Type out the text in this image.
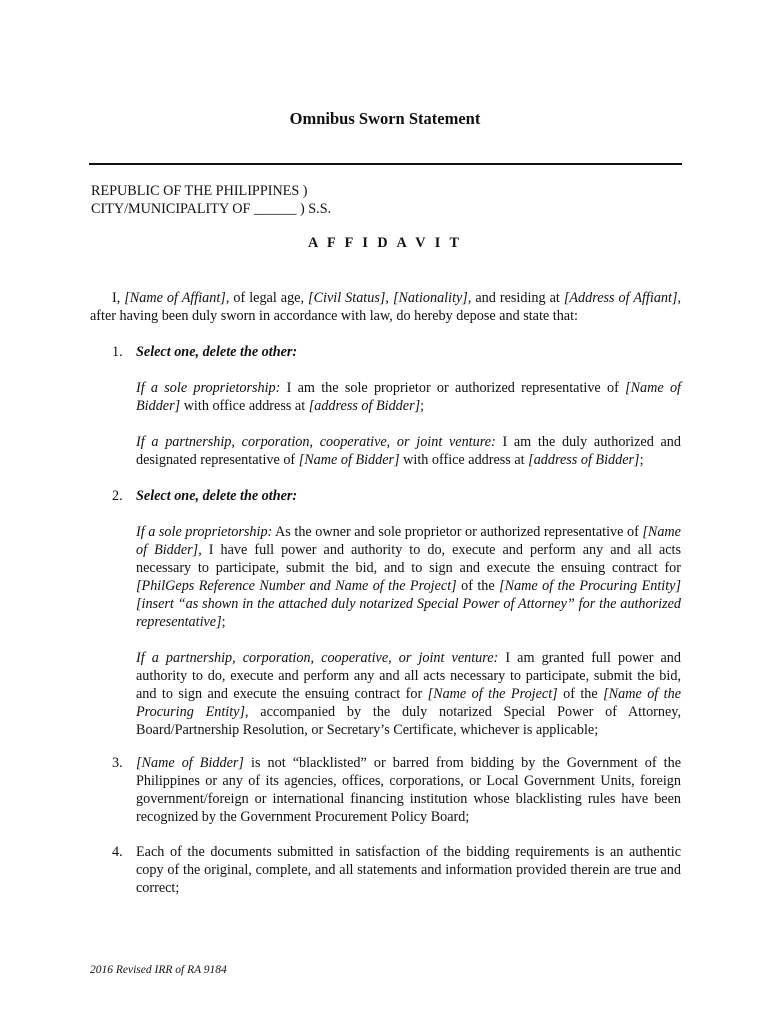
Omnibus Sworn Statement
REPUBLIC OF THE PHILIPPINES )
CITY/MUNICIPALITY OF ______ ) S.S.
A F F I D A V I T
I, [Name of Affiant], of legal age, [Civil Status], [Nationality], and residing at [Address of Affiant], after having been duly sworn in accordance with law, do hereby depose and state that:
1. Select one, delete the other:
If a sole proprietorship: I am the sole proprietor or authorized representative of [Name of Bidder] with office address at [address of Bidder];
If a partnership, corporation, cooperative, or joint venture: I am the duly authorized and designated representative of [Name of Bidder] with office address at [address of Bidder];
2. Select one, delete the other:
If a sole proprietorship: As the owner and sole proprietor or authorized representative of [Name of Bidder], I have full power and authority to do, execute and perform any and all acts necessary to participate, submit the bid, and to sign and execute the ensuing contract for [PhilGeps Reference Number and Name of the Project] of the [Name of the Procuring Entity] [insert “as shown in the attached duly notarized Special Power of Attorney” for the authorized representative];
If a partnership, corporation, cooperative, or joint venture: I am granted full power and authority to do, execute and perform any and all acts necessary to participate, submit the bid, and to sign and execute the ensuing contract for [Name of the Project] of the [Name of the Procuring Entity], accompanied by the duly notarized Special Power of Attorney, Board/Partnership Resolution, or Secretary’s Certificate, whichever is applicable;
3. [Name of Bidder] is not “blacklisted” or barred from bidding by the Government of the Philippines or any of its agencies, offices, corporations, or Local Government Units, foreign government/foreign or international financing institution whose blacklisting rules have been recognized by the Government Procurement Policy Board;
4. Each of the documents submitted in satisfaction of the bidding requirements is an authentic copy of the original, complete, and all statements and information provided therein are true and correct;
2016 Revised IRR of RA 9184
